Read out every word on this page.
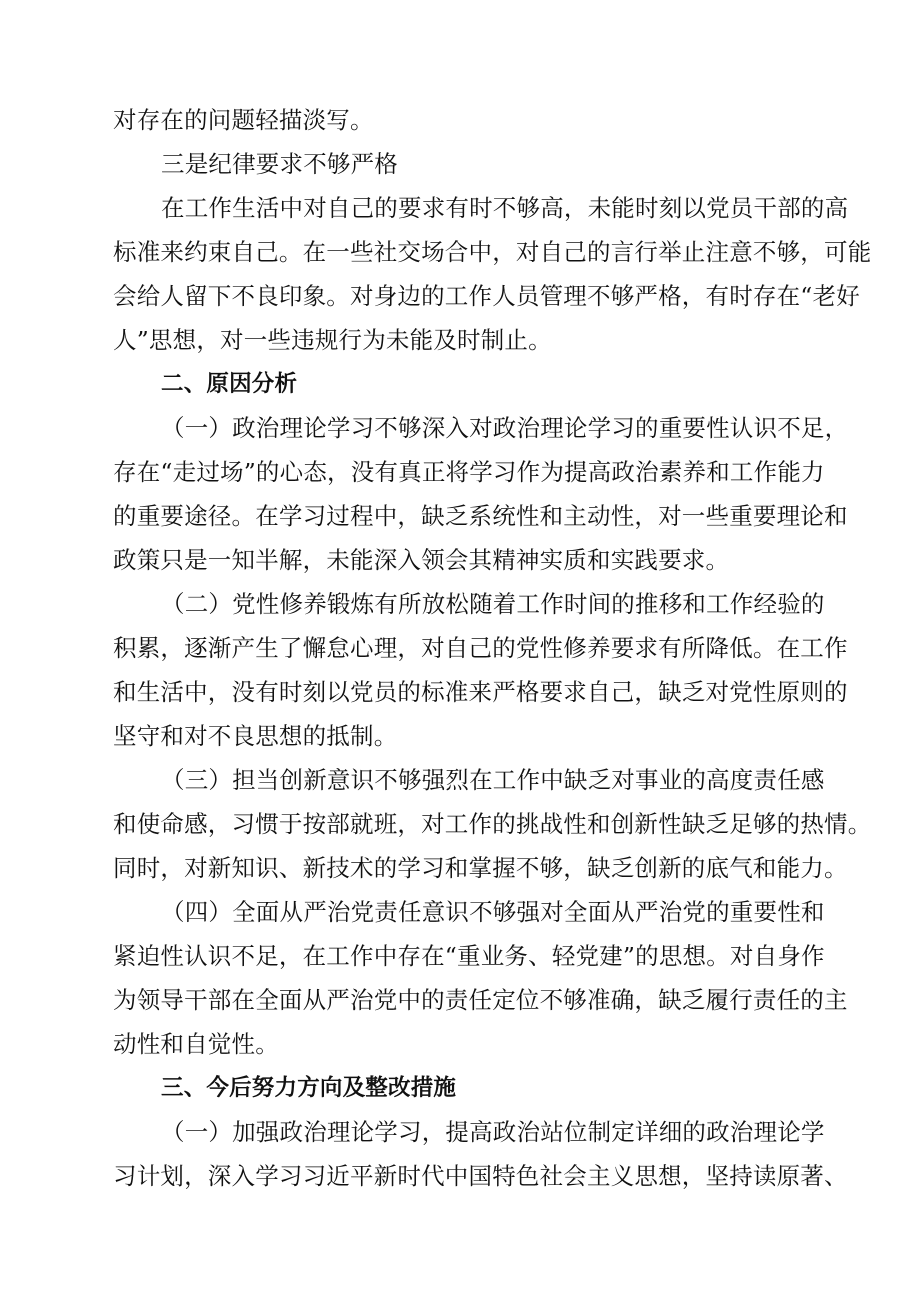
对存在的问题轻描淡写。
三是纪律要求不够严格
在工作生活中对自己的要求有时不够高，未能时刻以党员干部的高
标准来约束自己。在一些社交场合中，对自己的言行举止注意不够，可能
会给人留下不良印象。对身边的工作人员管理不够严格，有时存在“老好
人”思想，对一些违规行为未能及时制止。
二、原因分析
（一）政治理论学习不够深入对政治理论学习的重要性认识不足，
存在“走过场”的心态，没有真正将学习作为提高政治素养和工作能力
的重要途径。在学习过程中，缺乏系统性和主动性，对一些重要理论和
政策只是一知半解，未能深入领会其精神实质和实践要求。
（二）党性修养锻炼有所放松随着工作时间的推移和工作经验的
积累，逐渐产生了懈怠心理，对自己的党性修养要求有所降低。在工作
和生活中，没有时刻以党员的标准来严格要求自己，缺乏对党性原则的
坚守和对不良思想的抵制。
（三）担当创新意识不够强烈在工作中缺乏对事业的高度责任感
和使命感，习惯于按部就班，对工作的挑战性和创新性缺乏足够的热情。
同时，对新知识、新技术的学习和掌握不够，缺乏创新的底气和能力。
（四）全面从严治党责任意识不够强对全面从严治党的重要性和
紧迫性认识不足，在工作中存在“重业务、轻党建”的思想。对自身作
为领导干部在全面从严治党中的责任定位不够准确，缺乏履行责任的主
动性和自觉性。
三、今后努力方向及整改措施
（一）加强政治理论学习，提高政治站位制定详细的政治理论学
习计划，深入学习习近平新时代中国特色社会主义思想，坚持读原著、
